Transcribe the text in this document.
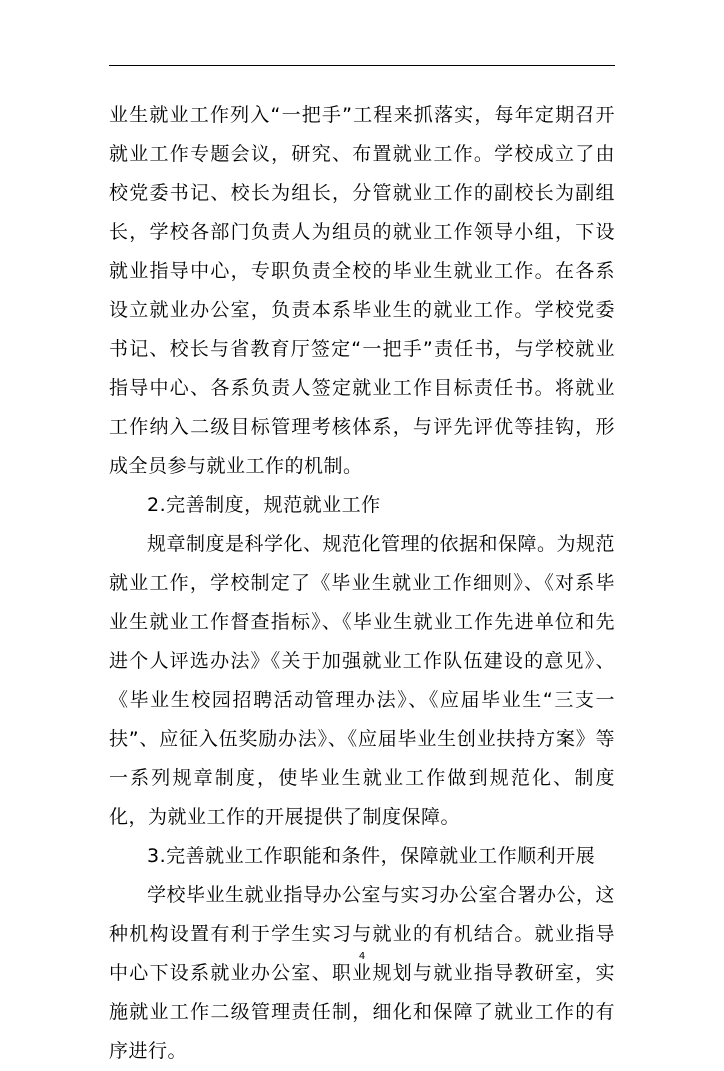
业生就业工作列入“一把手”工程来抓落实，每年定期召开就业工作专题会议，研究、布置就业工作。学校成立了由校党委书记、校长为组长，分管就业工作的副校长为副组长，学校各部门负责人为组员的就业工作领导小组，下设就业指导中心，专职负责全校的毕业生就业工作。在各系设立就业办公室，负责本系毕业生的就业工作。学校党委书记、校长与省教育厅签定“一把手”责任书，与学校就业指导中心、各系负责人签定就业工作目标责任书。将就业工作纳入二级目标管理考核体系，与评先评优等挂钩，形成全员参与就业工作的机制。

2.完善制度，规范就业工作

规章制度是科学化、规范化管理的依据和保障。为规范就业工作，学校制定了《毕业生就业工作细则》、《对系毕业生就业工作督查指标》、《毕业生就业工作先进单位和先进个人评选办法》《关于加强就业工作队伍建设的意见》、《毕业生校园招聘活动管理办法》、《应届毕业生“三支一扶”、应征入伍奖励办法》、《应届毕业生创业扶持方案》等一系列规章制度，使毕业生就业工作做到规范化、制度化，为就业工作的开展提供了制度保障。

3.完善就业工作职能和条件，保障就业工作顺利开展

学校毕业生就业指导办公室与实习办公室合署办公，这种机构设置有利于学生实习与就业的有机结合。就业指导中心下设系就业办公室、职业规划与就业指导教研室，实施就业工作二级管理责任制，细化和保障了就业工作的有序进行。

4
